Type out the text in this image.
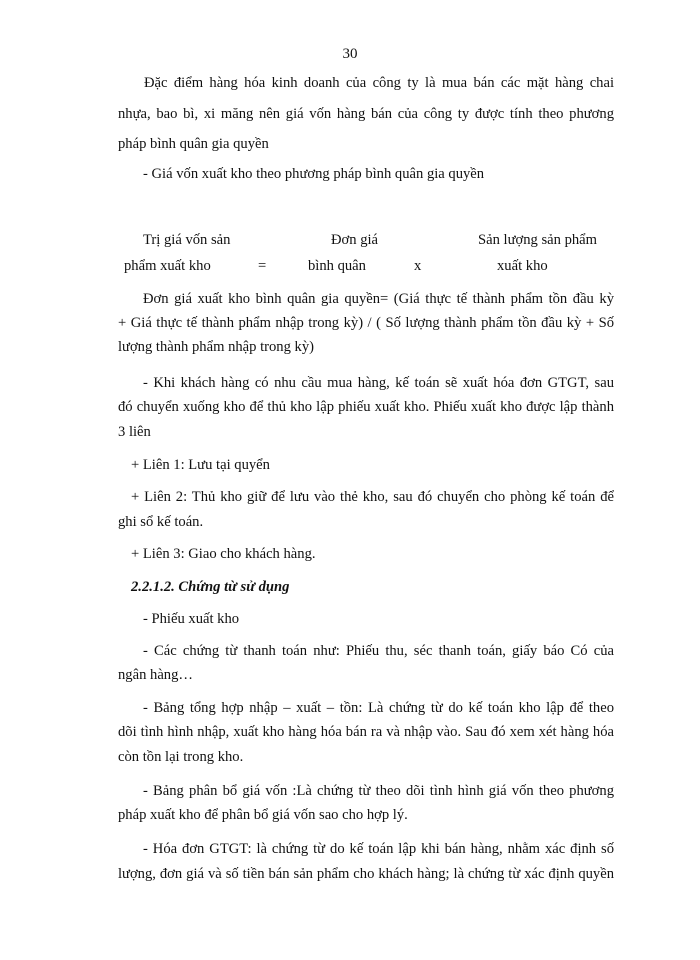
30
Đặc điểm hàng hóa kinh doanh của công ty là mua bán các mặt hàng chai
nhựa, bao bì, xi măng nên giá vốn hàng bán của công ty được tính theo phương
pháp bình quân gia quyền
- Giá vốn xuất kho theo phương pháp bình quân gia quyền
Trị giá vốn sản
phẩm xuất kho	=
Đơn giá
bình quân	x
Sản lượng sản phẩm
xuất kho
Đơn giá xuất kho bình quân gia quyền= (Giá thực tế thành phẩm tồn đầu kỳ
+ Giá thực tế thành phẩm nhập trong kỳ) / ( Số lượng thành phẩm tồn đầu kỳ + Số
lượng thành phẩm nhập trong kỳ)
- Khi khách hàng có nhu cầu mua hàng, kế toán sẽ xuất hóa đơn GTGT, sau
đó chuyển xuống kho để thủ kho lập phiếu xuất kho. Phiếu xuất kho được lập thành
3 liên
+ Liên 1: Lưu tại quyển
+ Liên 2: Thủ kho giữ để lưu vào thẻ kho, sau đó chuyển cho phòng kế toán để
ghi sổ kế toán.
+ Liên 3: Giao cho khách hàng.
2.2.1.2. Chứng từ sử dụng
- Phiếu xuất kho
- Các chứng từ thanh toán như: Phiếu thu, séc thanh toán, giấy báo Có của
ngân hàng…
- Bảng tổng hợp nhập – xuất – tồn: Là chứng từ do kế toán kho lập để theo
dõi tình hình nhập, xuất kho hàng hóa bán ra và nhập vào. Sau đó xem xét hàng hóa
còn tồn lại trong kho.
- Bảng phân bổ giá vốn :Là chứng từ theo dõi tình hình giá vốn theo phương
pháp xuất kho để phân bổ giá vốn sao cho hợp lý.
- Hóa đơn GTGT: là chứng từ do kế toán lập khi bán hàng, nhằm xác định số
lượng, đơn giá và số tiền bán sản phẩm cho khách hàng; là chứng từ xác định quyền
